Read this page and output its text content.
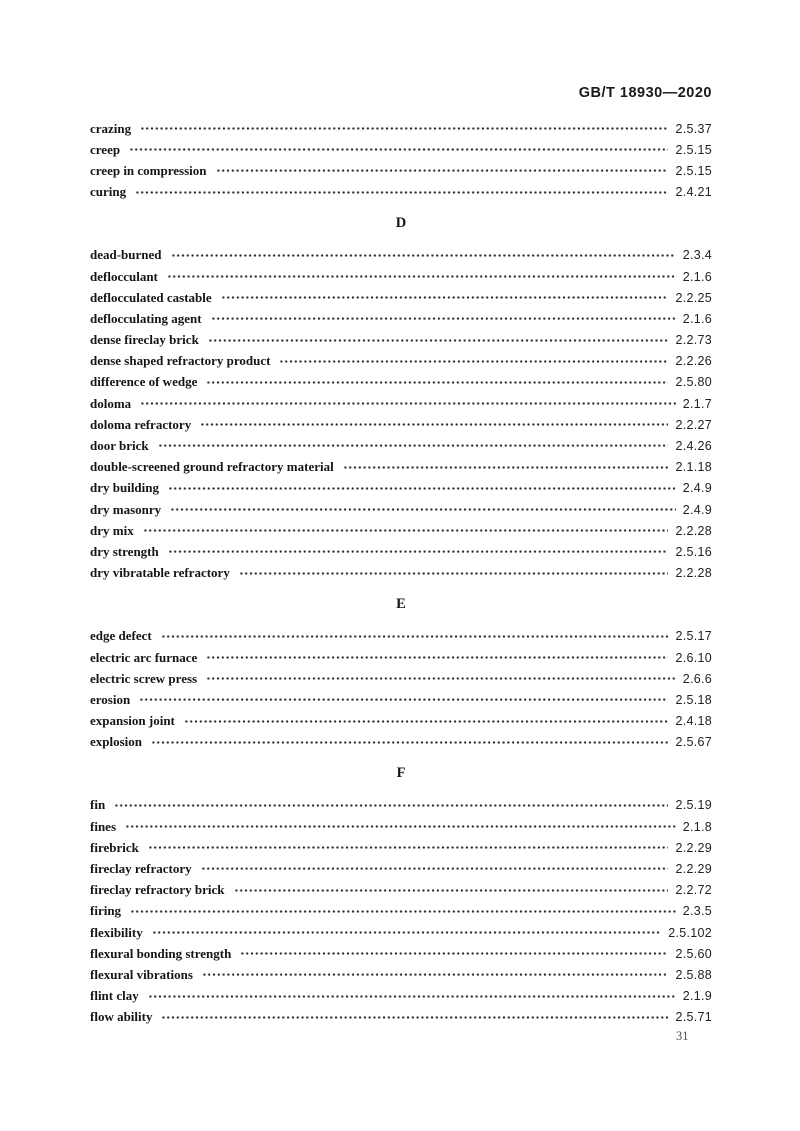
GB/T 18930—2020
crazing	2.5.37
creep	2.5.15
creep in compression	2.5.15
curing	2.4.21
D
dead-burned	2.3.4
deflocculant	2.1.6
deflocculated castable	2.2.25
deflocculating agent	2.1.6
dense fireclay brick	2.2.73
dense shaped refractory product	2.2.26
difference of wedge	2.5.80
doloma	2.1.7
doloma refractory	2.2.27
door brick	2.4.26
double-screened ground refractory material	2.1.18
dry building	2.4.9
dry masonry	2.4.9
dry mix	2.2.28
dry strength	2.5.16
dry vibratable refractory	2.2.28
E
edge defect	2.5.17
electric arc furnace	2.6.10
electric screw press	2.6.6
erosion	2.5.18
expansion joint	2.4.18
explosion	2.5.67
F
fin	2.5.19
fines	2.1.8
firebrick	2.2.29
fireclay refractory	2.2.29
fireclay refractory brick	2.2.72
firing	2.3.5
flexibility	2.5.102
flexural bonding strength	2.5.60
flexural vibrations	2.5.88
flint clay	2.1.9
flow ability	2.5.71
31
